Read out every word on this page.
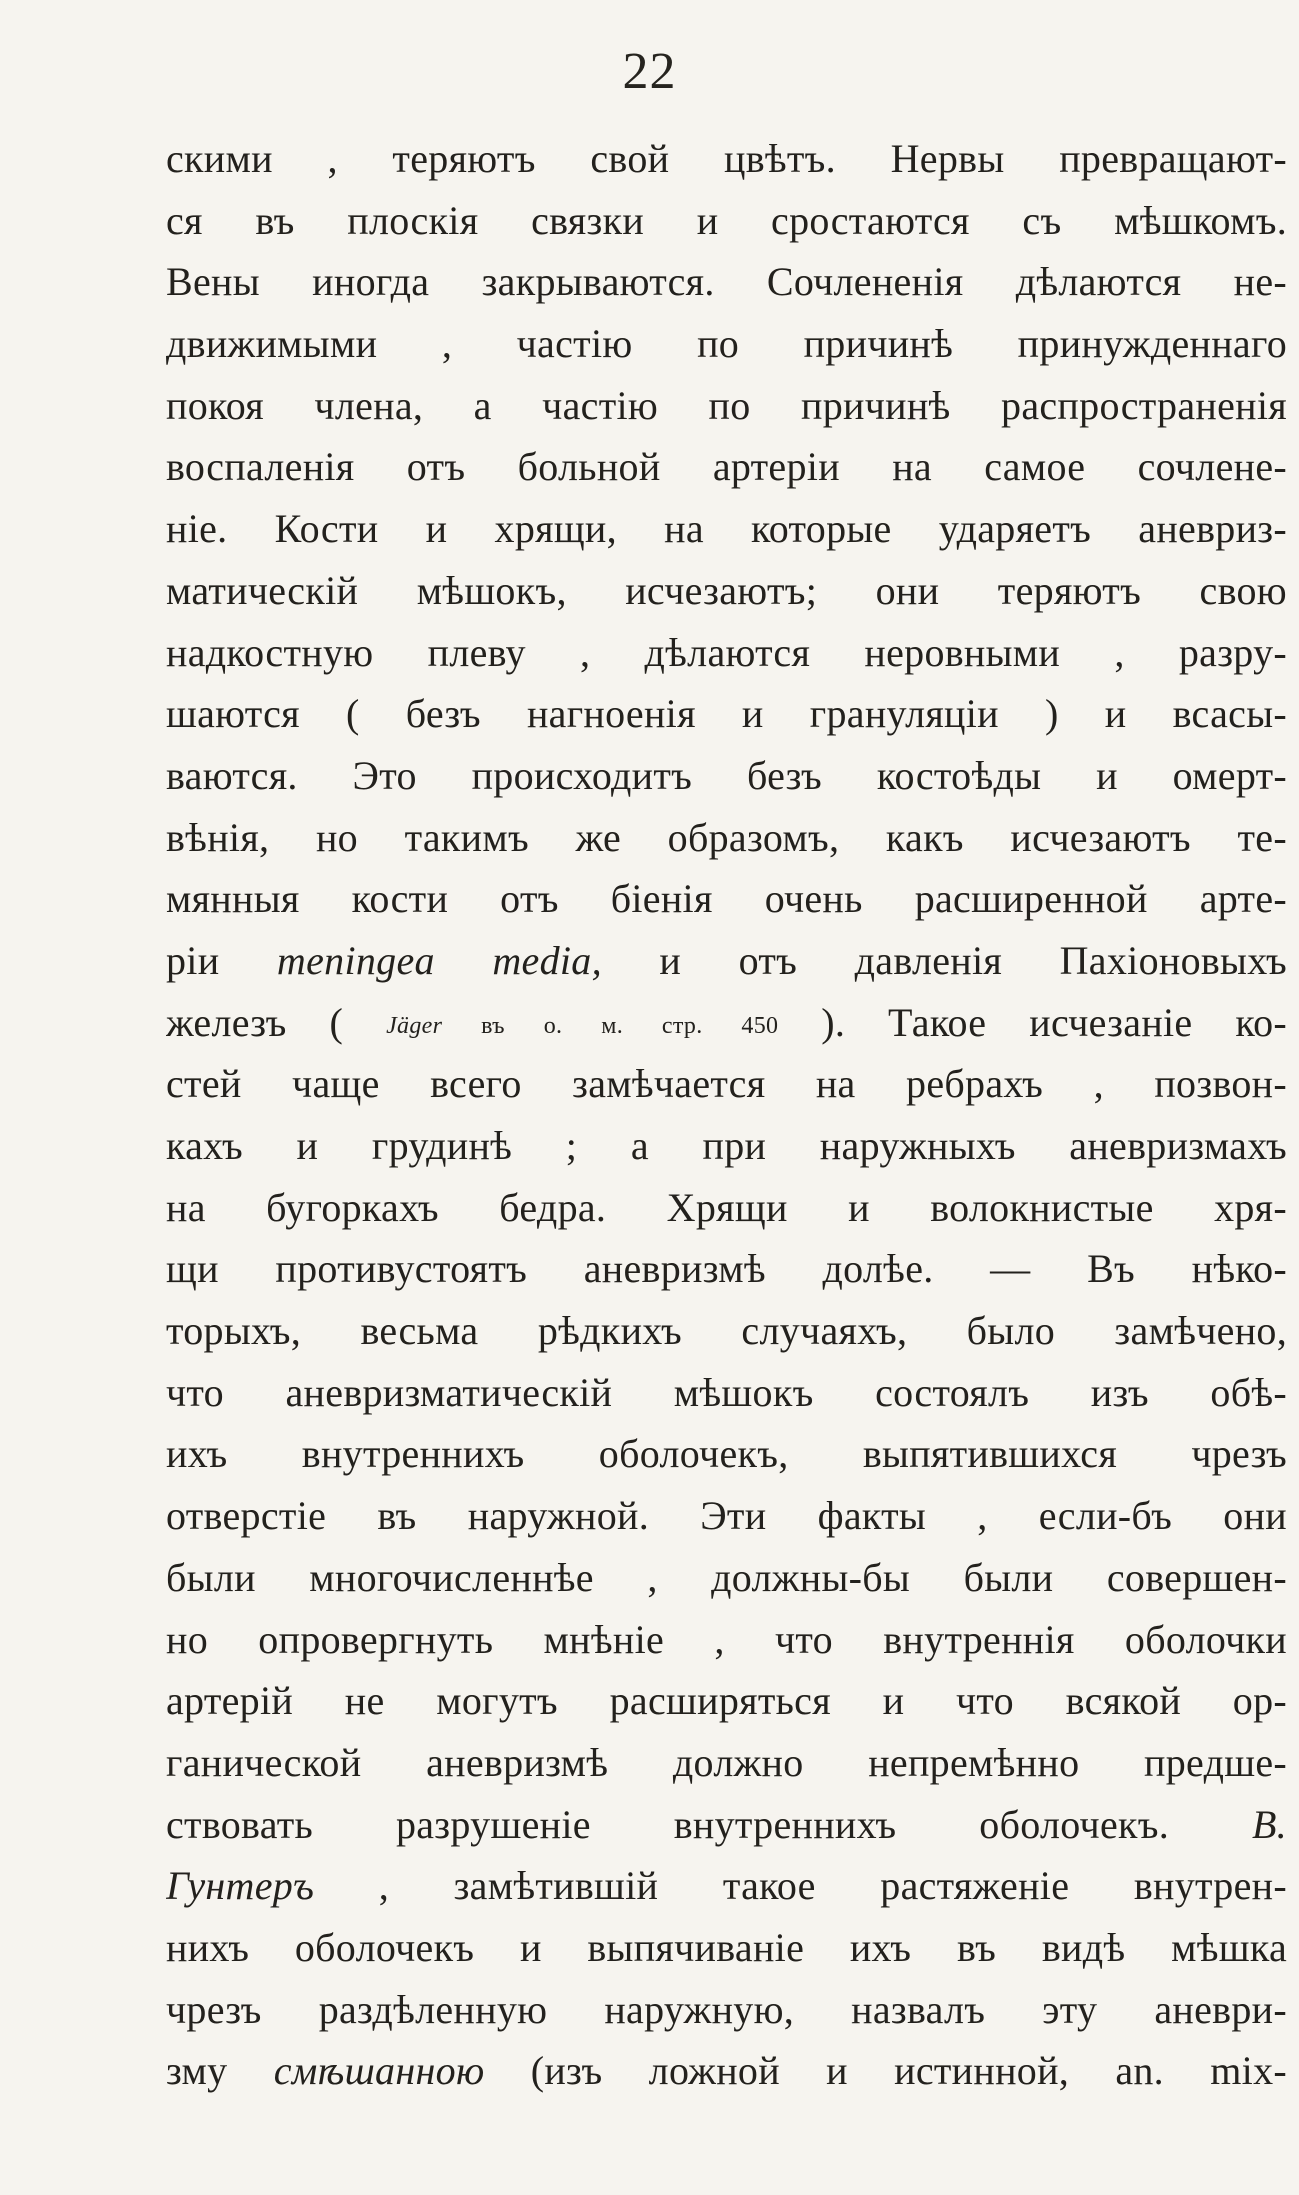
22
скими , теряютъ свой цвѣтъ. Нервы превращают-
ся въ плоскія связки и сростаются съ мѣшкомъ.
Вены иногда закрываются. Сочлененія дѣлаются не-
движимыми , частію по причинѣ принужденнаго
покоя члена, а частію по причинѣ распространенія
воспаленія отъ больной артеріи на самое сочлене-
ніе. Кости и хрящи, на которые ударяетъ аневриз-
матическій мѣшокъ, исчезаютъ; они теряютъ свою
надкостную плеву , дѣлаются неровными , разру-
шаются ( безъ нагноенія и грануляціи ) и всасы-
ваются. Это происходитъ безъ костоѣды и омерт-
вѣнія, но такимъ же образомъ, какъ исчезаютъ те-
мянныя кости отъ біенія очень расширенной арте-
ріи meningea media, и отъ давленія Пахіоновыхъ
железъ ( Jäger въ о. м. стр. 450 ). Такое исчезаніе ко-
стей чаще всего замѣчается на ребрахъ , позвон-
кахъ и грудинѣ ; а при наружныхъ аневризмахъ
на бугоркахъ бедра. Хрящи и волокнистые хря-
щи противустоятъ аневризмѣ долѣе. — Въ нѣко-
торыхъ, весьма рѣдкихъ случаяхъ, было замѣчено,
что аневризматическій мѣшокъ состоялъ изъ обѣ-
ихъ внутреннихъ оболочекъ, выпятившихся чрезъ
отверстіе въ наружной. Эти факты , если-бъ они
были многочисленнѣе , должны-бы были совершен-
но опровергнуть мнѣніе , что внутреннія оболочки
артерій не могутъ расширяться и что всякой ор-
ганической аневризмѣ должно непремѣнно предше-
ствовать разрушеніе внутреннихъ оболочекъ. В.
Гунтеръ , замѣтившій такое растяженіе внутрен-
нихъ оболочекъ и выпячиваніе ихъ въ видѣ мѣшка
чрезъ раздѣленную наружную, назвалъ эту аневри-
зму смѣшанною (изъ ложной и истинной, an. mix-
